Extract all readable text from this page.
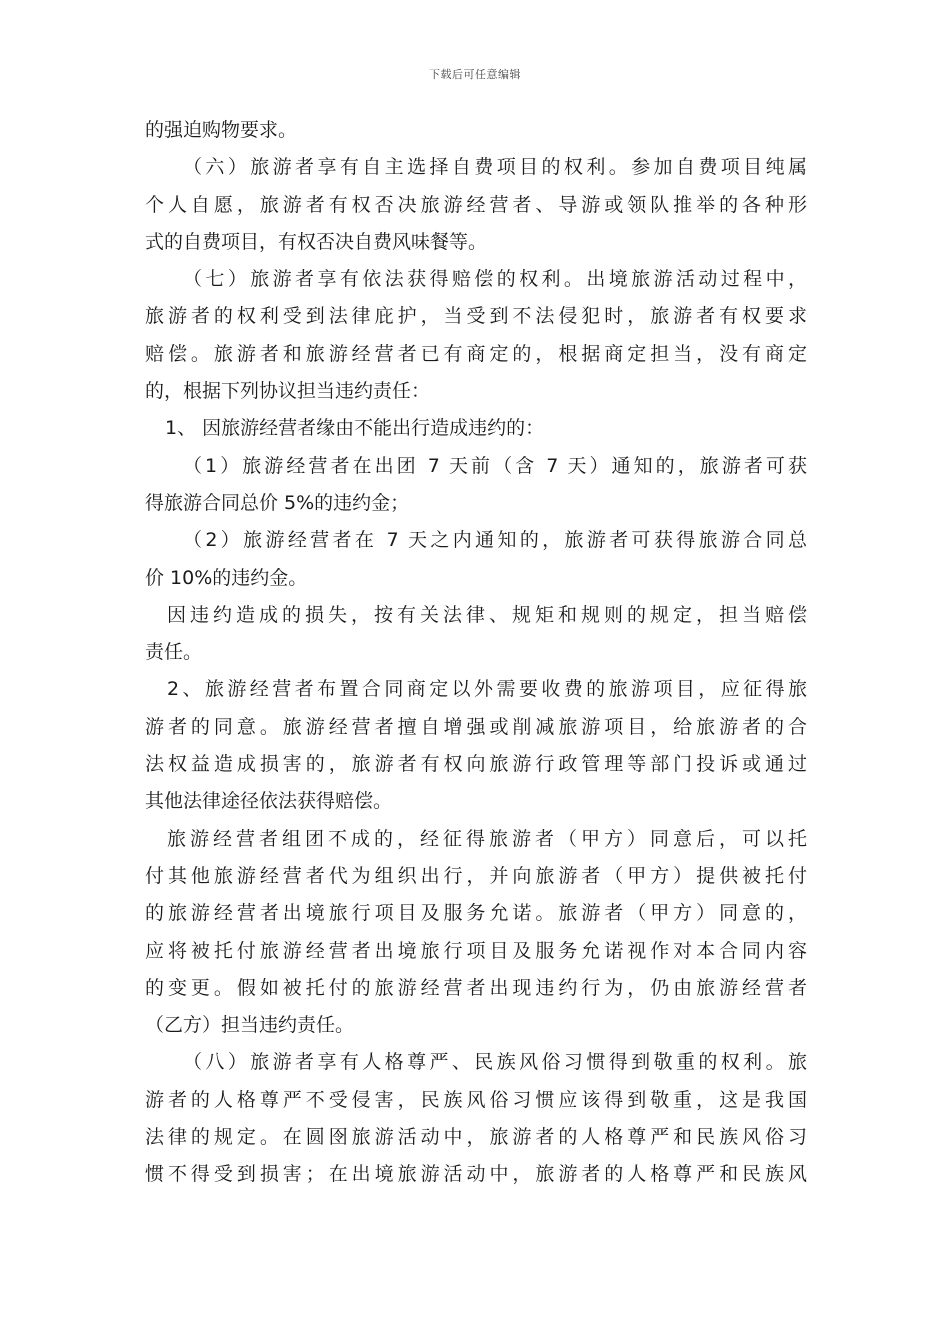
下载后可任意编辑
的强迫购物要求。
（六）旅游者享有自主选择自费项目的权利。参加自费项目纯属
个人自愿，旅游者有权否决旅游经营者、导游或领队推举的各种形
式的自费项目，有权否决自费风味餐等。
（七）旅游者享有依法获得赔偿的权利。出境旅游活动过程中，
旅游者的权利受到法律庇护，当受到不法侵犯时，旅游者有权要求
赔偿。旅游者和旅游经营者已有商定的，根据商定担当，没有商定
的，根据下列协议担当违约责任：
1、 因旅游经营者缘由不能出行造成违约的：
（1）旅游经营者在出团 7 天前（含 7 天）通知的，旅游者可获
得旅游合同总价 5%的违约金；
（2）旅游经营者在 7 天之内通知的，旅游者可获得旅游合同总
价 10%的违约金。
因违约造成的损失，按有关法律、规矩和规则的规定，担当赔偿
责任。
2、旅游经营者布置合同商定以外需要收费的旅游项目，应征得旅
游者的同意。旅游经营者擅自增强或削减旅游项目，给旅游者的合
法权益造成损害的，旅游者有权向旅游行政管理等部门投诉或通过
其他法律途径依法获得赔偿。
旅游经营者组团不成的，经征得旅游者（甲方）同意后，可以托
付其他旅游经营者代为组织出行，并向旅游者（甲方）提供被托付
的旅游经营者出境旅行项目及服务允诺。旅游者（甲方）同意的，
应将被托付旅游经营者出境旅行项目及服务允诺视作对本合同内容
的变更。假如被托付的旅游经营者出现违约行为，仍由旅游经营者
（乙方）担当违约责任。
（八）旅游者享有人格尊严、民族风俗习惯得到敬重的权利。旅
游者的人格尊严不受侵害，民族风俗习惯应该得到敬重，这是我国
法律的规定。在圆囹旅游活动中，旅游者的人格尊严和民族风俗习
惯不得受到损害；在出境旅游活动中，旅游者的人格尊严和民族风
